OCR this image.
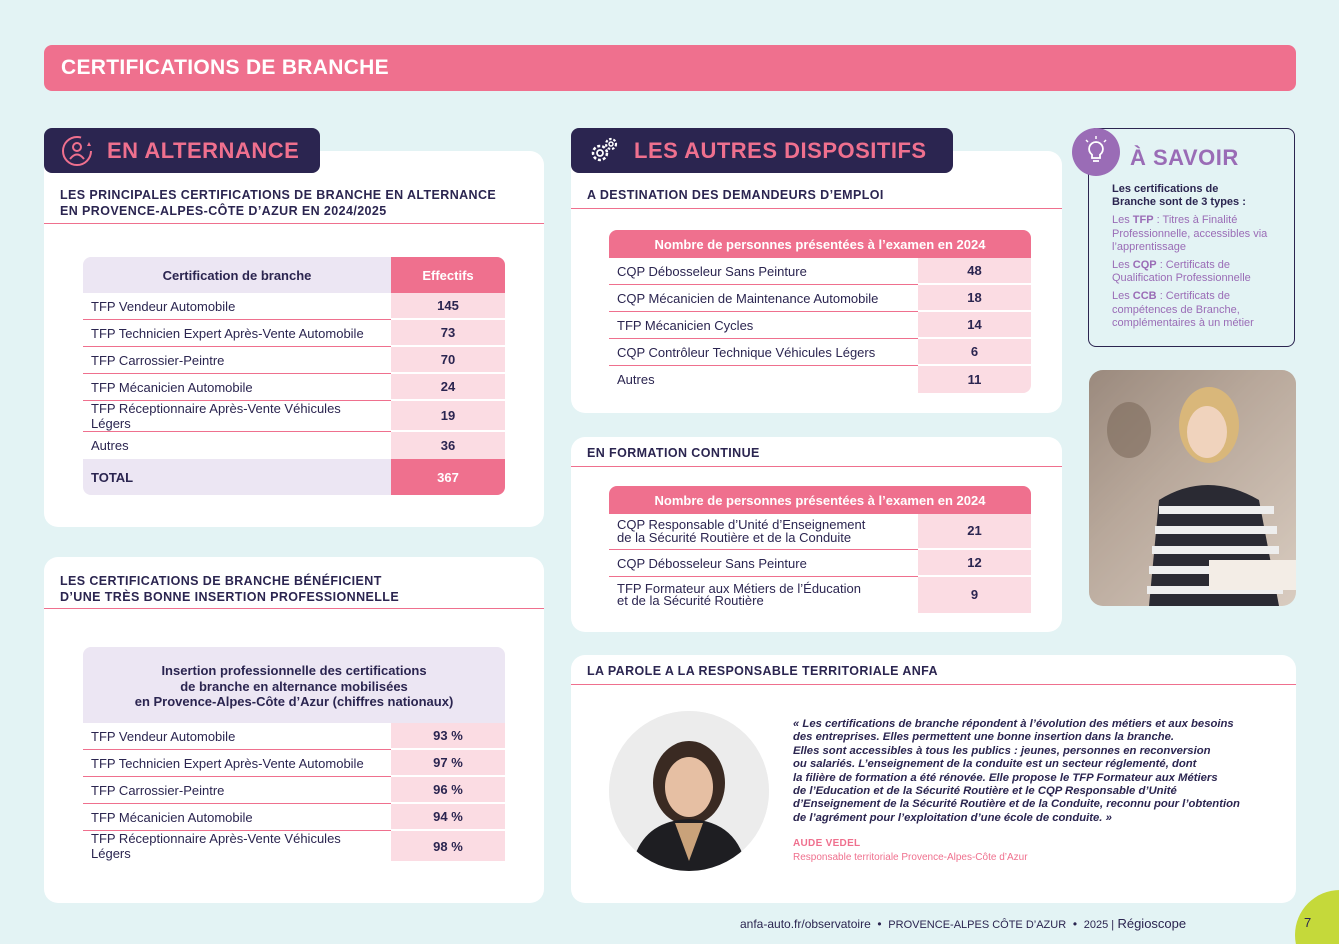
CERTIFICATIONS DE BRANCHE
EN ALTERNANCE
LES PRINCIPALES CERTIFICATIONS DE BRANCHE EN ALTERNANCE
EN PROVENCE-ALPES-CÔTE D’AZUR EN 2024/2025
Certification de branche	Effectifs
TFP Vendeur Automobile	145
TFP Technicien Expert Après-Vente Automobile	73
TFP Carrossier-Peintre	70
TFP Mécanicien Automobile	24
TFP Réceptionnaire Après-Vente Véhicules Légers	19
Autres	36
TOTAL	367
LES CERTIFICATIONS DE BRANCHE BÉNÉFICIENT
D’UNE TRÈS BONNE INSERTION PROFESSIONNELLE
Insertion professionnelle des certifications
de branche en alternance mobilisées
en Provence-Alpes-Côte d’Azur (chiffres nationaux)
TFP Vendeur Automobile	93 %
TFP Technicien Expert Après-Vente Automobile	97 %
TFP Carrossier-Peintre	96 %
TFP Mécanicien Automobile	94 %
TFP Réceptionnaire Après-Vente Véhicules Légers	98 %
LES AUTRES DISPOSITIFS
A DESTINATION DES DEMANDEURS D’EMPLOI
Nombre de personnes présentées à l’examen en 2024	
CQP Débosseleur Sans Peinture	48
CQP Mécanicien de Maintenance Automobile	18
TFP Mécanicien Cycles	14
CQP Contrôleur Technique Véhicules Légers	6
Autres	11
EN FORMATION CONTINUE
Nombre de personnes présentées à l’examen en 2024	

CQP Responsable d’Unité d’Enseignement
de la Sécurité Routière et de la Conduite	21
CQP Débosseleur Sans Peinture	12

TFP Formateur aux Métiers de l’Éducation
et de la Sécurité Routière	9
À SAVOIR

Les certifications de
Branche sont de 3 types :

Les TFP : Titres à Finalité Professionnelle, accessibles via l’apprentissage

Les CQP : Certificats de Qualification Professionnelle

Les CCB : Certificats de compétences de Branche, complémentaires à un métier

LA PAROLE A LA RESPONSABLE TERRITORIALE ANFA
« Les certifications de branche répondent à l’évolution des métiers et aux besoins
des entreprises. Elles permettent une bonne insertion dans la branche.
Elles sont accessibles à tous les publics : jeunes, personnes en reconversion
ou salariés. L’enseignement de la conduite est un secteur réglementé, dont
la filière de formation a été rénovée. Elle propose le TFP Formateur aux Métiers
de l’Education et de la Sécurité Routière et le CQP Responsable d’Unité
d’Enseignement de la Sécurité Routière et de la Conduite, reconnu pour l’obtention
de l’agrément pour l’exploitation d’une école de conduite. »
AUDE VEDEL
Responsable territoriale Provence-Alpes-Côte d’Azur
anfa-auto.fr/observatoire • PROVENCE-ALPES CÔTE D’AZUR • 2025 | Régioscope	7
